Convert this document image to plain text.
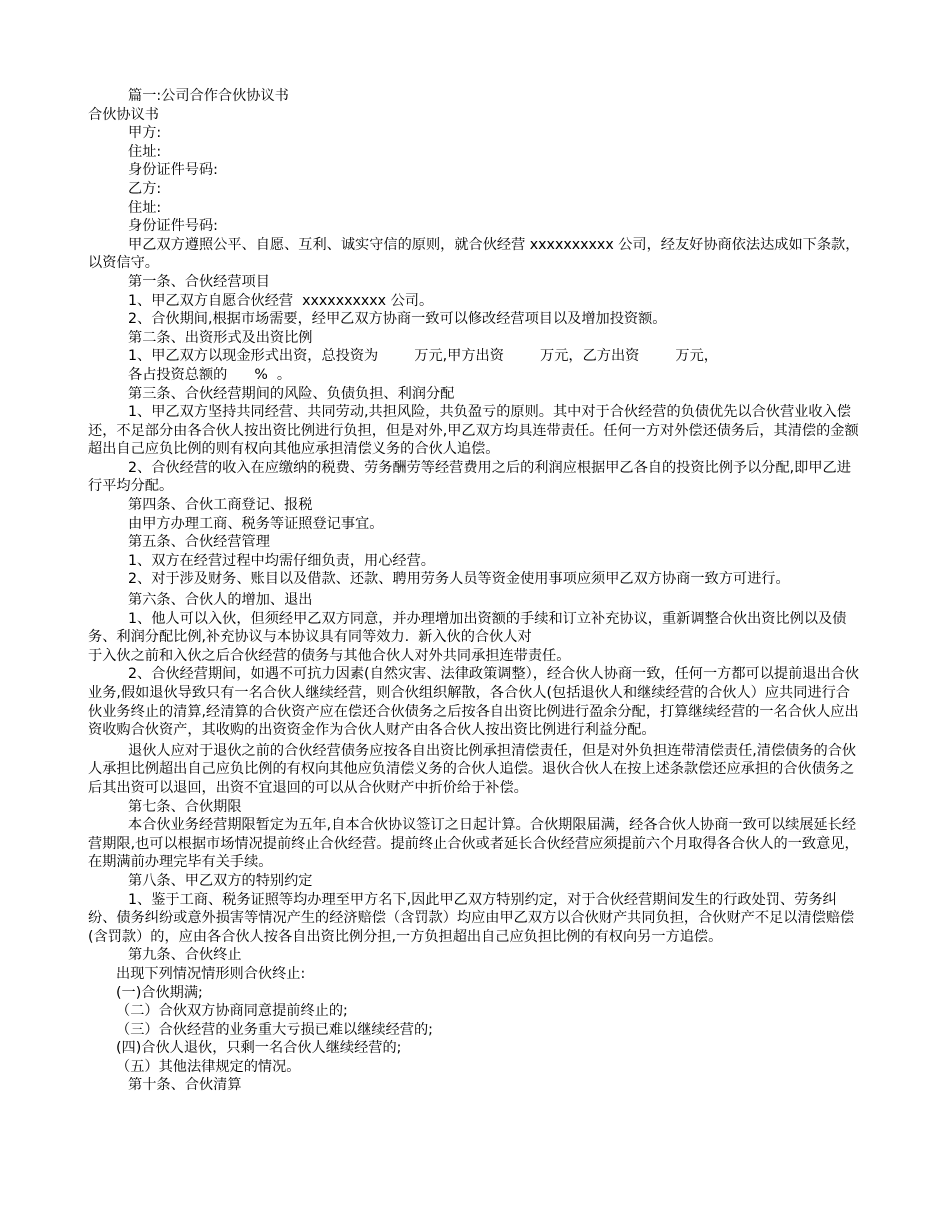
篇一:公司合作合伙协议书

合伙协议书

甲方:

住址:

身份证件号码:

乙方:

住址:

身份证件号码:

甲乙双方遵照公平、自愿、互利、诚实守信的原则，就合伙经营 xxxxxxxxxx 公司，经友好协商依法达成如下条款，以资信守。

第一条、合伙经营项目

1、甲乙双方自愿合伙经营  xxxxxxxxxx 公司。

2、合伙期间,根据市场需要，经甲乙双方协商一致可以修改经营项目以及增加投资额。

第二条、出资形式及出资比例

1、甲乙双方以现金形式出资，总投资为        万元,甲方出资        万元，乙方出资        万元，

各占投资总额的      %  。

第三条、合伙经营期间的风险、负债负担、利润分配

1、甲乙双方坚持共同经营、共同劳动,共担风险，共负盈亏的原则。其中对于合伙经营的负债优先以合伙营业收入偿还，不足部分由各合伙人按出资比例进行负担，但是对外,甲乙双方均具连带责任。任何一方对外偿还债务后，其清偿的金额超出自己应负比例的则有权向其他应承担清偿义务的合伙人追偿。

2、合伙经营的收入在应缴纳的税费、劳务酬劳等经营费用之后的利润应根据甲乙各自的投资比例予以分配,即甲乙进行平均分配。

第四条、合伙工商登记、报税

由甲方办理工商、税务等证照登记事宜。

第五条、合伙经营管理

1、双方在经营过程中均需仔细负责，用心经营。

2、对于涉及财务、账目以及借款、还款、聘用劳务人员等资金使用事项应须甲乙双方协商一致方可进行。

第六条、合伙人的增加、退出

1、他人可以入伙，但须经甲乙双方同意，并办理增加出资额的手续和订立补充协议，重新调整合伙出资比例以及债务、利润分配比例,补充协议与本协议具有同等效力.  新入伙的合伙人对

于入伙之前和入伙之后合伙经营的债务与其他合伙人对外共同承担连带责任。

2、合伙经营期间，如遇不可抗力因素(自然灾害、法律政策调整），经合伙人协商一致，任何一方都可以提前退出合伙业务,假如退伙导致只有一名合伙人继续经营，则合伙组织解散，各合伙人(包括退伙人和继续经营的合伙人）应共同进行合伙业务终止的清算,经清算的合伙资产应在偿还合伙债务之后按各自出资比例进行盈余分配，打算继续经营的一名合伙人应出资收购合伙资产，其收购的出资资金作为合伙人财产由各合伙人按出资比例进行利益分配。

退伙人应对于退伙之前的合伙经营债务应按各自出资比例承担清偿责任，但是对外负担连带清偿责任,清偿债务的合伙人承担比例超出自己应负比例的有权向其他应负清偿义务的合伙人追偿。退伙合伙人在按上述条款偿还应承担的合伙债务之后其出资可以退回，出资不宜退回的可以从合伙财产中折价给于补偿。

第七条、合伙期限

本合伙业务经营期限暂定为五年,自本合伙协议签订之日起计算。合伙期限届满，经各合伙人协商一致可以续展延长经营期限,也可以根据市场情况提前终止合伙经营。提前终止合伙或者延长合伙经营应须提前六个月取得各合伙人的一致意见，在期满前办理完毕有关手续。

第八条、甲乙双方的特别约定

1、鉴于工商、税务证照等均办理至甲方名下,因此甲乙双方特别约定，对于合伙经营期间发生的行政处罚、劳务纠纷、债务纠纷或意外损害等情况产生的经济赔偿（含罚款）均应由甲乙双方以合伙财产共同负担，合伙财产不足以清偿赔偿(含罚款）的，应由各合伙人按各自出资比例分担,一方负担超出自己应负担比例的有权向另一方追偿。

第九条、合伙终止

出现下列情况情形则合伙终止:

(一)合伙期满;

（二）合伙双方协商同意提前终止的;

（三）合伙经营的业务重大亏损已难以继续经营的;

(四)合伙人退伙，只剩一名合伙人继续经营的;

（五）其他法律规定的情况。

第十条、合伙清算
